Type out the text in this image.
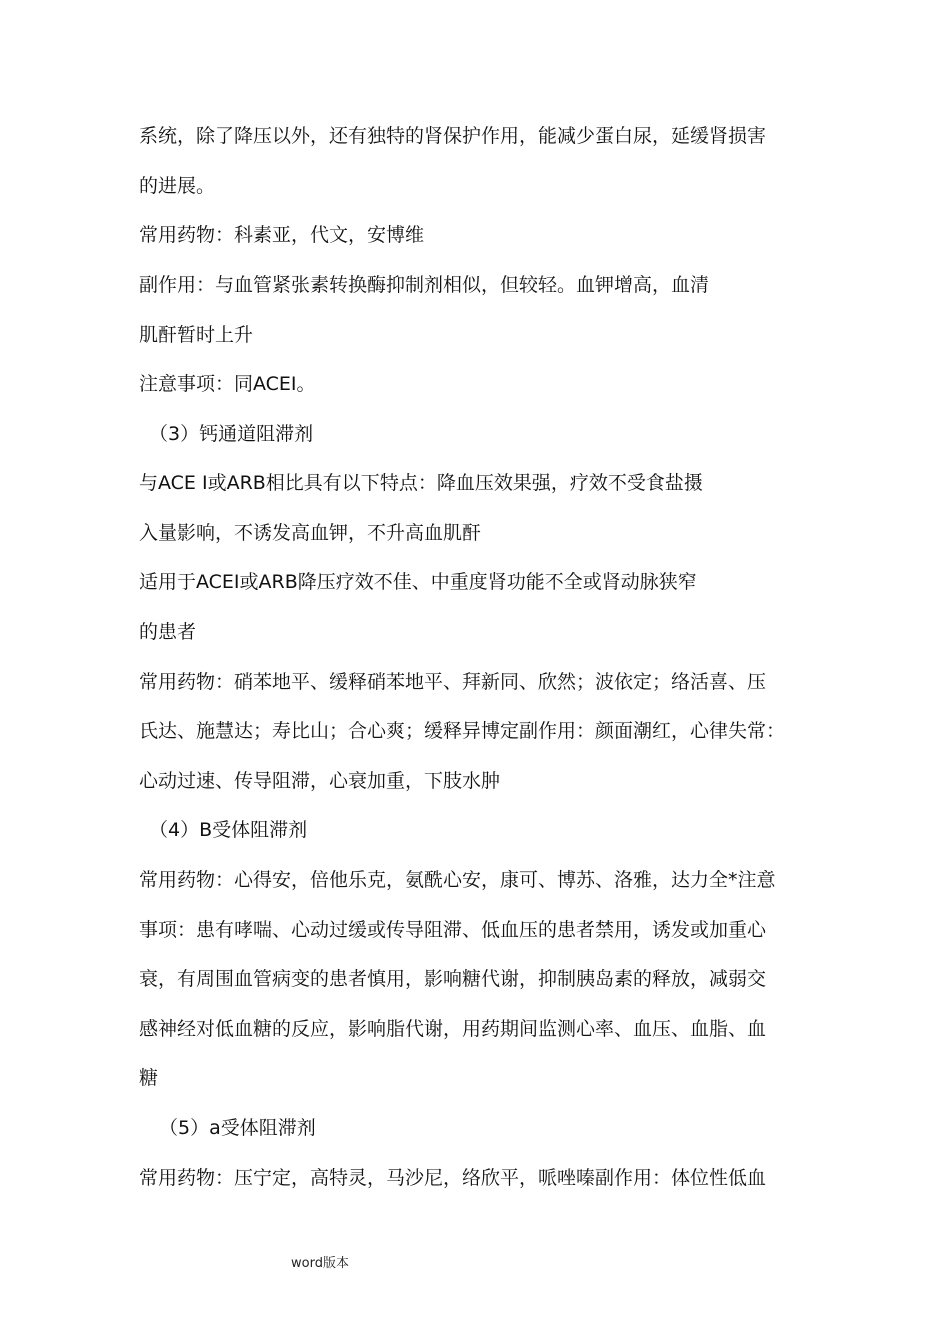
系统，除了降压以外，还有独特的肾保护作用，能减少蛋白尿，延缓肾损害
的进展。
常用药物：科素亚，代文，安博维
副作用：与血管紧张素转换酶抑制剂相似，但较轻。血钾增高，血清
肌酐暂时上升
注意事项：同ACEI。
（3）钙通道阻滞剂
与ACE Ⅰ或ARB相比具有以下特点：降血压效果强，疗效不受食盐摄
入量影响，不诱发高血钾，不升高血肌酐
适用于ACEI或ARB降压疗效不佳、中重度肾功能不全或肾动脉狭窄
的患者
常用药物：硝苯地平、缓释硝苯地平、拜新同、欣然；波依定；络活喜、压
氏达、施慧达；寿比山；合心爽；缓释异博定副作用：颜面潮红，心律失常：
心动过速、传导阻滞，心衰加重，下肢水肿
（4）B受体阻滞剂
常用药物：心得安，倍他乐克，氨酰心安，康可、博苏、洛雅，达力全*注意
事项：患有哮喘、心动过缓或传导阻滞、低血压的患者禁用，诱发或加重心
衰，有周围血管病变的患者慎用，影响糖代谢，抑制胰岛素的释放，减弱交
感神经对低血糖的反应，影响脂代谢，用药期间监测心率、血压、血脂、血
糖
（5）a受体阻滞剂
常用药物：压宁定，高特灵，马沙尼，络欣平，哌唑嗪副作用：体位性低血
word版本
